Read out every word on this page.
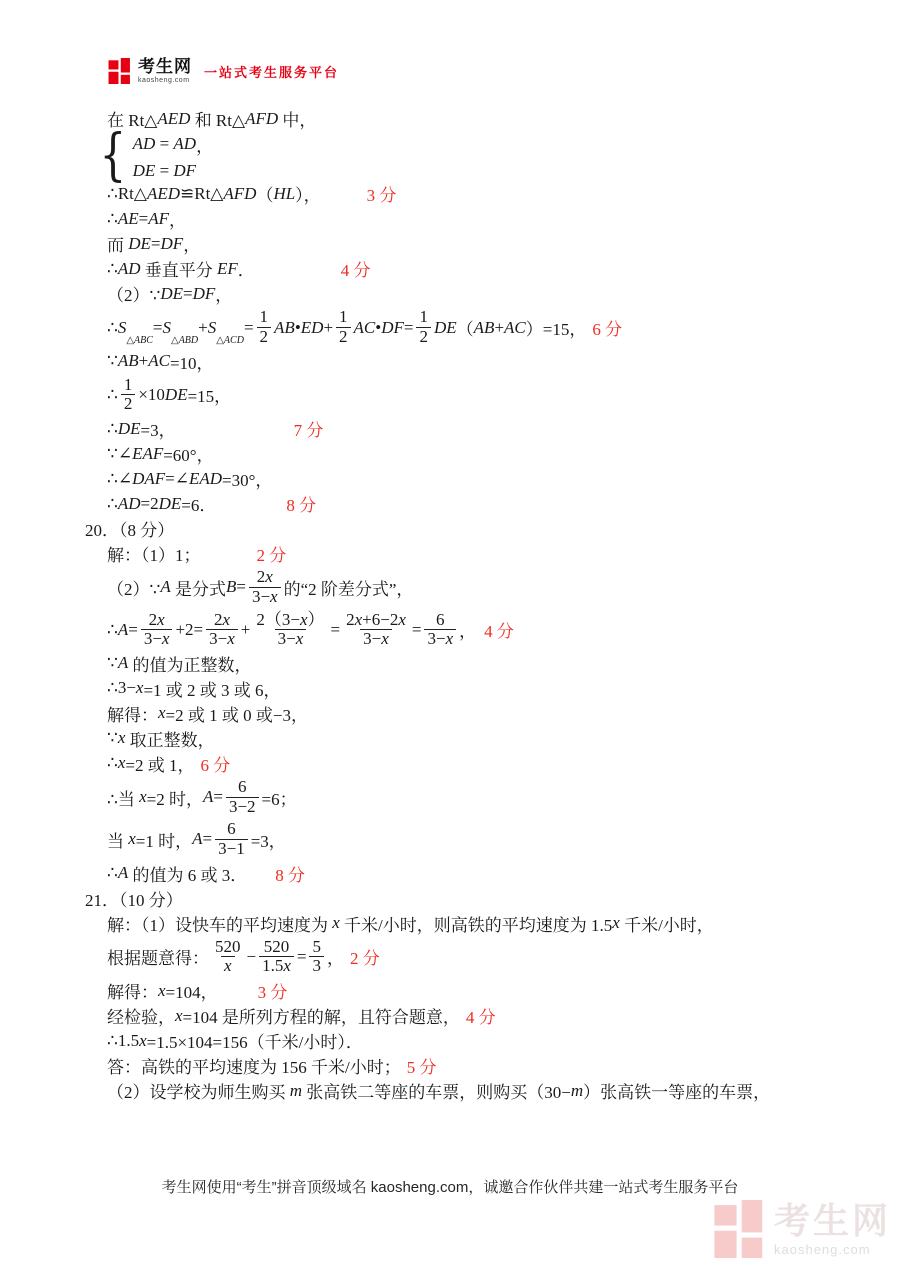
考生网
kaosheng.com
一站式考生服务平台
在 Rt△ AED 和 Rt△ AFD 中，
{ AD = AD ，
DE = DF
∴Rt△ AED ≌Rt△ AFD （ HL ），	3 分
∴ AE = AF ，
而 DE = DF ，
∴ AD 垂直平分 EF ．	4 分
（2）∵ DE = DF ，
∴ S
△ABC
= S
△ABD
+ S
△ACD
= $\frac{1}{2}$ AB • ED + $\frac{1}{2}$ AC • DF = $\frac{1}{2}$ DE （ AB + AC ）=15， 6 分
∵ AB + AC =10，
∴ $\frac{1}{2} \times 10$ DE =15，
∴ DE =3，	7 分
∵∠ EAF =60°，
∴∠ DAF =∠ EAD =30°，
∴ AD =2 DE =6．	8 分
20．（8 分）
解：（1）1；	2 分
（2）∵ A 是分式 $B = \frac{2 x}{3- x}$ 的“2 阶差分式”，
∴ $A = \frac{2 x}{3- x} +2= \frac{2 x}{3- x} + \frac{2(3- x )}{3- x} = \frac{2 x +6-2 x}{3- x} = \frac{6}{3- x}$ ， 4 分
∵ A 的值为正整数，
∴3− x =1 或 2 或 3 或 6，
解得： x =2 或 1 或 0 或−3，
∵ x 取正整数，
∴ x =2 或 1， 6 分
∴当 x =2 时， $A = \frac{6}{3-2} =6$；
当 x =1 时， $A = \frac{6}{3-1} =3$，
∴ A 的值为 6 或 3． 8 分
21．（10 分）
解：（1）设快车的平均速度为 x 千米/小时，则高铁的平均速度为 1.5 x 千米/小时，
根据题意得： $\frac{520}{x} - \frac{520}{1.5 x} = \frac{5}{3}$ ， 2 分
解得： x =104， 3 分
经检验， x =104 是所列方程的解，且符合题意， 4 分
∴1.5 x =1.5×104=156（千米/小时）．
答：高铁的平均速度为 156 千米/小时； 5 分
（2）设学校为师生购买 m 张高铁二等座的车票，则购买（30− m ）张高铁一等座的车票，
考生网使用“考生”拼音顶级域名 kaosheng.com，诚邀合作伙伴共建一站式考生服务平台
考生网
kaosheng.com
